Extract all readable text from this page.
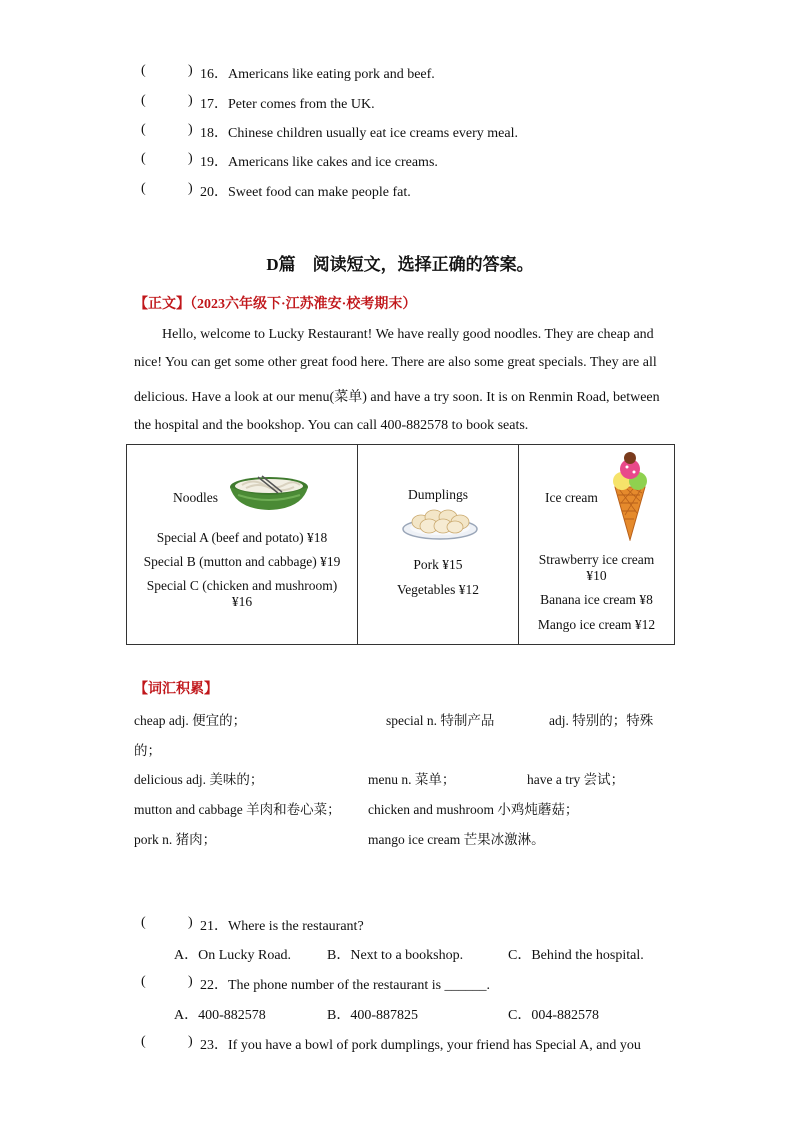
(	) 16．Americans like eating pork and beef.
(	) 17．Peter comes from the UK.
(	) 18．Chinese children usually eat ice creams every meal.
(	) 19．Americans like cakes and ice creams.
(	) 20．Sweet food can make people fat.
D篇　阅读短文，选择正确的答案。
【正文】（2023六年级下·江苏淮安·校考期末）
　　Hello, welcome to Lucky Restaurant! We have really good noodles. They are cheap and
nice! You can get some other great food here. There are also some great specials. They are all
delicious. Have a look at our menu(菜单) and have a try soon. It is on Renmin Road, between
the hospital and the bookshop. You can call 400-882578 to book seats.
Noodles
Special A (beef and potato) ¥18
Special B (mutton and cabbage) ¥19
Special C (chicken and mushroom)
¥16

Dumplings
Pork ¥15
Vegetables ¥12

Ice cream
Strawberry ice cream
¥10
Banana ice cream ¥8
Mango ice cream ¥12
【词汇积累】
cheap adj. 便宜的；	special n. 特制产品	adj. 特别的；特殊
的；
delicious adj. 美味的；	menu n. 菜单；	have a try 尝试；
mutton and cabbage 羊肉和卷心菜； chicken and mushroom 小鸡炖蘑菇；
pork n. 猪肉；	mango ice cream 芒果冰激淋。
(	) 21．Where is the restaurant?
A．On Lucky Road.	B．Next to a bookshop.	C．Behind the hospital.
(	) 22．The phone number of the restaurant is ______.
A．400-882578	B．400-887825	C．004-882578
(	) 23．If you have a bowl of pork dumplings, your friend has Special A, and you
